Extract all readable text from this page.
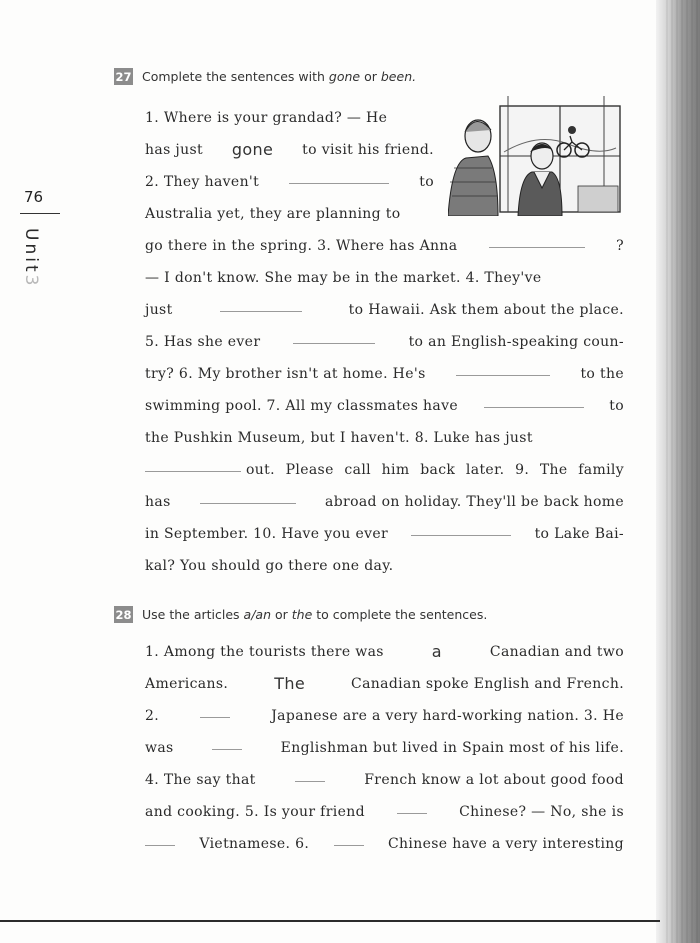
76
Unit3
27 Complete the sentences with gone or been.
1. Where is your grandad? — He
has just gone to visit his friend.
2. They haven't	to
Australia yet, they are planning to
go there in the spring. 3. Where has Anna	?
— I don't know. She may be in the market. 4. They've
just	to Hawaii. Ask them about the place.
5. Has she ever	to an English-speaking coun-
try? 6. My brother isn't at home. He's	to the
swimming pool. 7. All my classmates have	to
the Pushkin Museum, but I haven't. 8. Luke has just
out. Please call him back later. 9. The family
has	abroad on holiday. They'll be back home
in September. 10. Have you ever	to Lake Bai-
kal? You should go there one day.
28 Use the articles a/an or the to complete the sentences.
1. Among the tourists there was	a	Canadian and two
Americans.	The	Canadian spoke English and French.
2.	Japanese are a very hard-working nation. 3. He
was	Englishman but lived in Spain most of his life.
4. The say that	French know a lot about good food
and cooking. 5. Is your friend	Chinese? — No, she is
Vietnamese. 6.	Chinese have a very interesting
